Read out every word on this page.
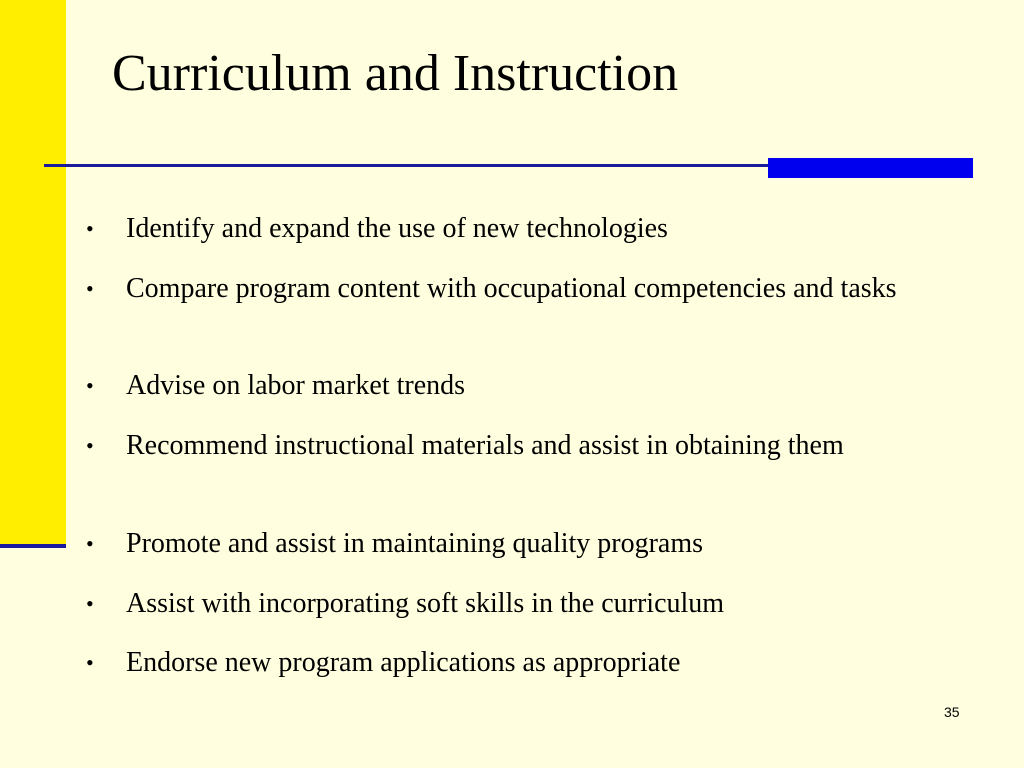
Curriculum and Instruction
• Identify and expand the use of new technologies
• Compare program content with occupational competencies and tasks
• Advise on labor market trends
• Recommend instructional materials and assist in obtaining them
• Promote and assist in maintaining quality programs
• Assist with incorporating soft skills in the curriculum
• Endorse new program applications as appropriate
35
